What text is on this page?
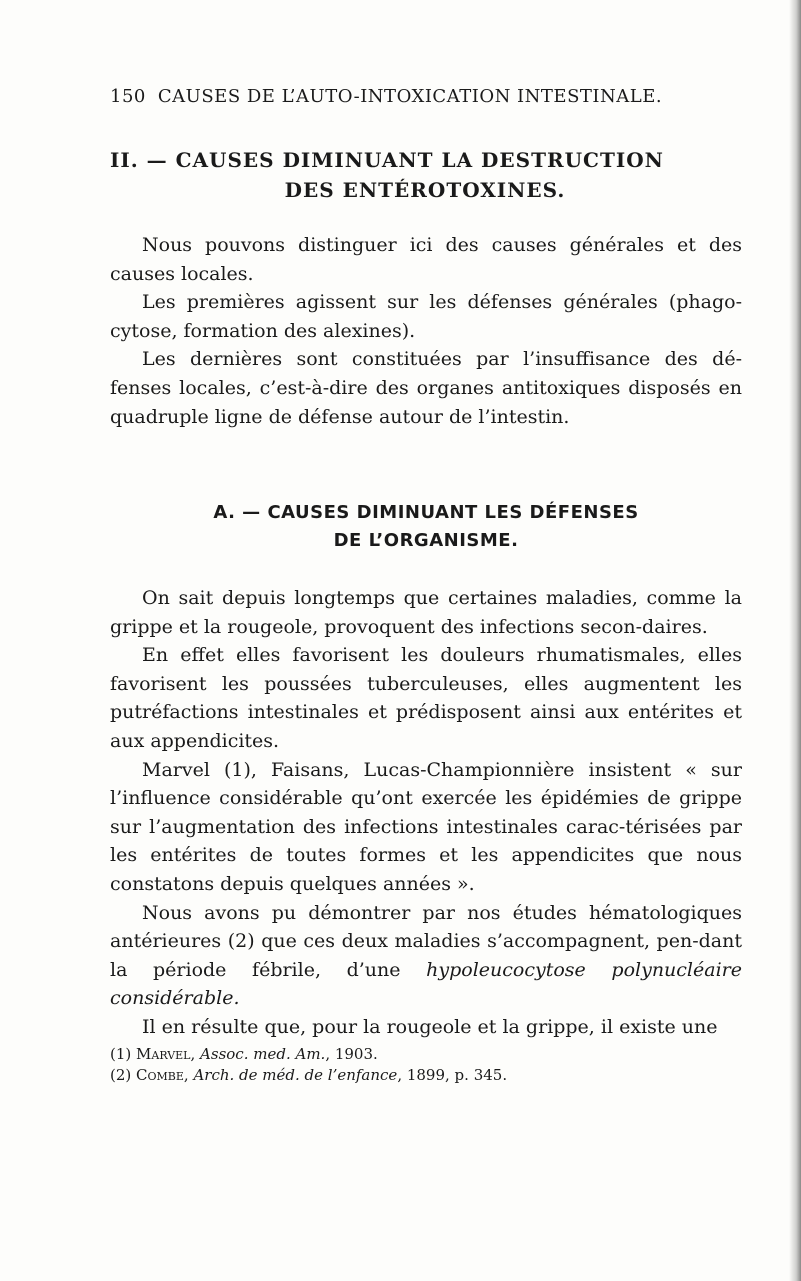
150 CAUSES DE L’AUTO-INTOXICATION INTESTINALE.
II. — CAUSES DIMINUANT LA DESTRUCTION
DES ENTÉROTOXINES.

Nous pouvons distinguer ici des causes générales et des causes locales.

Les premières agissent sur les défenses générales (phago-cytose, formation des alexines).

Les dernières sont constituées par l’insuffisance des dé-fenses locales, c’est-à-dire des organes antitoxiques disposés en quadruple ligne de défense autour de l’intestin.

A. — CAUSES DIMINUANT LES DÉFENSES
DE L’ORGANISME.

On sait depuis longtemps que certaines maladies, comme la grippe et la rougeole, provoquent des infections secon-daires.

En effet elles favorisent les douleurs rhumatismales, elles favorisent les poussées tuberculeuses, elles augmentent les putréfactions intestinales et prédisposent ainsi aux entérites et aux appendicites.

Marvel (1), Faisans, Lucas-Championnière insistent « sur l’influence considérable qu’ont exercée les épidémies de grippe sur l’augmentation des infections intestinales carac-térisées par les entérites de toutes formes et les appendicites que nous constatons depuis quelques années ».

Nous avons pu démontrer par nos études hématologiques antérieures (2) que ces deux maladies s’accompagnent, pen-dant la période fébrile, d’une hypoleucocytose polynucléaire considérable.

Il en résulte que, pour la rougeole et la grippe, il existe une

(1) Marvel, Assoc. med. Am., 1903.
(2) Combe, Arch. de méd. de l’enfance, 1899, p. 345.
